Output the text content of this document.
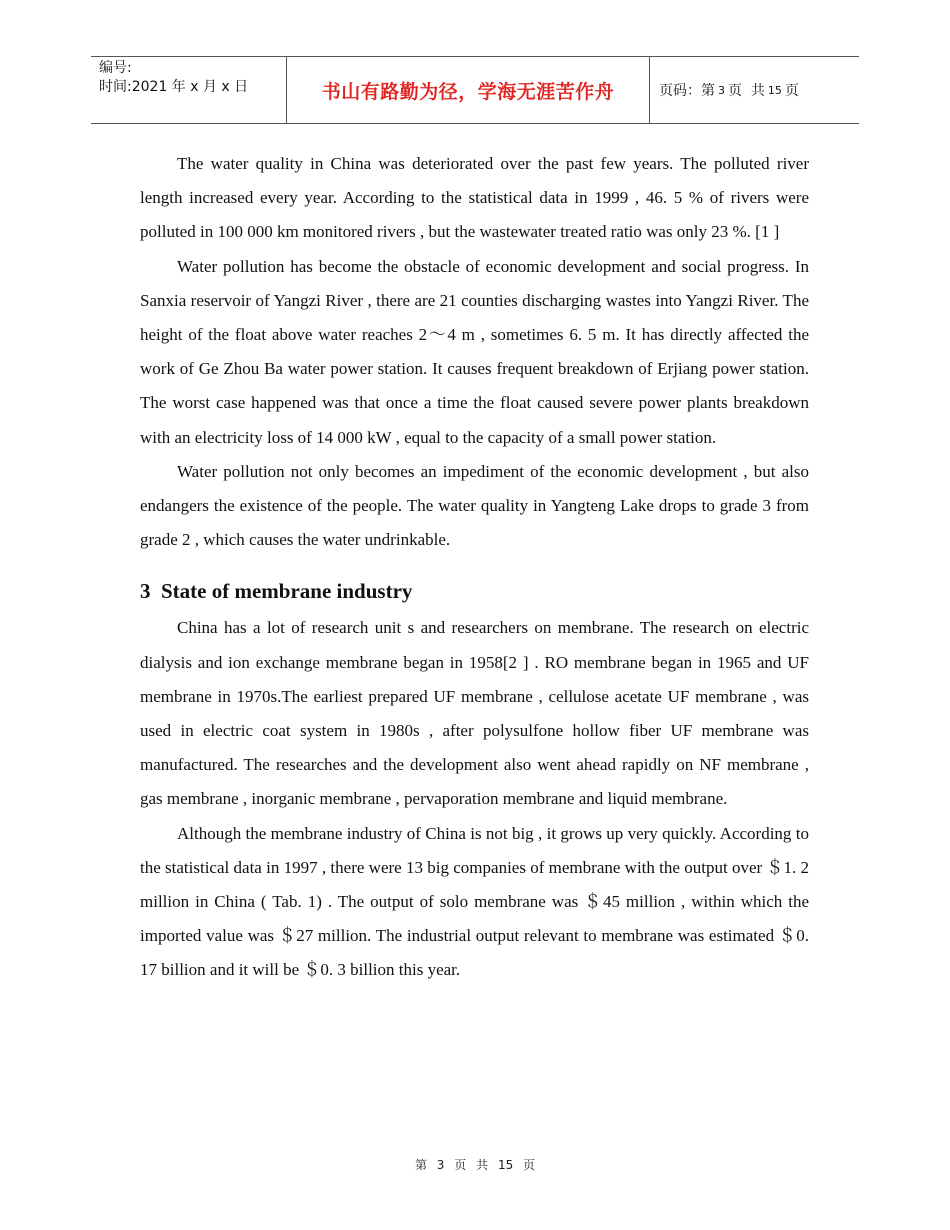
编号:
时间:2021 年 x 月 x 日	书山有路勤为径，学海无涯苦作舟	页码：第 3 页  共 15 页

The water quality in China was deteriorated over the past few years. The polluted river length increased every year. According to the statistical data in 1999 , 46. 5 % of rivers were polluted in 100 000 km monitored rivers , but the wastewater treated ratio was only 23 %. [1 ]

Water pollution has become the obstacle of economic development and social progress. In Sanxia reservoir of Yangzi River , there are 21 counties discharging wastes into Yangzi River. The height of the float above water reaches 2～4 m , sometimes 6. 5 m. It has directly affected the work of Ge Zhou Ba water power station. It causes frequent breakdown of Erjiang power station. The worst case happened was that once a time the float caused severe power plants breakdown with an electricity loss of 14 000 kW , equal to the capacity of a small power station.

Water pollution not only becomes an impediment of the economic development , but also endangers the existence of the people. The water quality in Yangteng Lake drops to grade 3 from grade 2 , which causes the water undrinkable.

3  State of membrane industry

China has a lot of research unit s and researchers on membrane. The research on electric dialysis and ion exchange membrane began in 1958[2 ] . RO membrane began in 1965 and UF membrane in 1970s.The earliest prepared UF membrane , cellulose acetate UF membrane , was used in electric coat system in 1980s , after polysulfone hollow fiber UF membrane was manufactured. The researches and the development also went ahead rapidly on NF membrane , gas membrane , inorganic membrane , pervaporation membrane and liquid membrane.

Although the membrane industry of China is not big , it grows up very quickly. According to the statistical data in 1997 , there were 13 big companies of membrane with the output over ＄1. 2 million in China ( Tab. 1) . The output of solo membrane was ＄45 million , within which the imported value was ＄27 million. The industrial output relevant to membrane was estimated ＄0. 17 billion and it will be ＄0. 3 billion this year.

第 3 页 共 15 页
